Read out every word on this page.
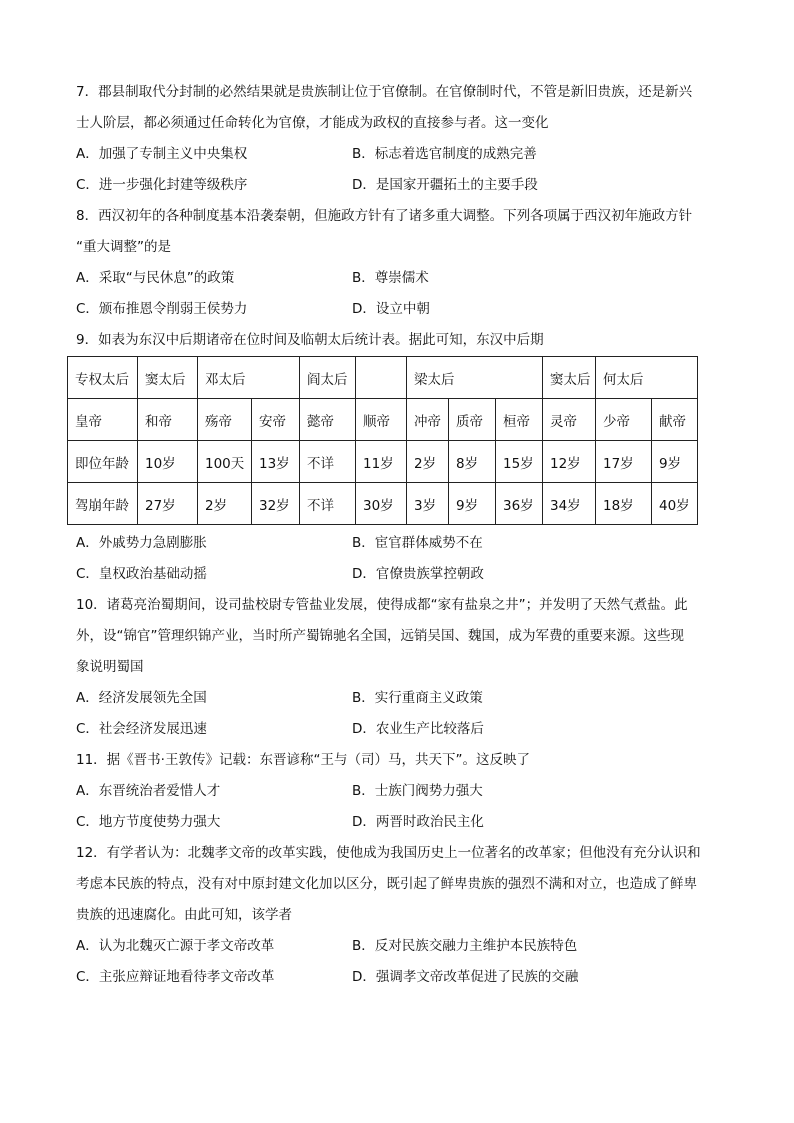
7．郡县制取代分封制的必然结果就是贵族制让位于官僚制。在官僚制时代，不管是新旧贵族，还是新兴
士人阶层，都必须通过任命转化为官僚，才能成为政权的直接参与者。这一变化
A．加强了专制主义中央集权	B．标志着选官制度的成熟完善
C．进一步强化封建等级秩序	D．是国家开疆拓土的主要手段
8．西汉初年的各种制度基本沿袭秦朝，但施政方针有了诸多重大调整。下列各项属于西汉初年施政方针
“重大调整”的是
A．采取“与民休息”的政策	B．尊崇儒术
C．颁布推恩令削弱王侯势力	D．设立中朝
9．如表为东汉中后期诸帝在位时间及临朝太后统计表。据此可知，东汉中后期
专权太后	窦太后	邓太后		阎太后		梁太后			窦太后	何太后	
皇帝	和帝	殇帝	安帝	懿帝	顺帝	冲帝	质帝	桓帝	灵帝	少帝	献帝
即位年龄	10岁	100天	13岁	不详	11岁	2岁	8岁	15岁	12岁	17岁	9岁
驾崩年龄	27岁	2岁	32岁	不详	30岁	3岁	9岁	36岁	34岁	18岁	40岁
A．外戚势力急剧膨胀	B．宦官群体威势不在
C．皇权政治基础动摇	D．官僚贵族掌控朝政
10．诸葛亮治蜀期间，设司盐校尉专管盐业发展，使得成都“家有盐泉之井”；并发明了天然气煮盐。此
外，设“锦官”管理织锦产业，当时所产蜀锦驰名全国，远销吴国、魏国，成为军费的重要来源。这些现
象说明蜀国
A．经济发展领先全国	B．实行重商主义政策
C．社会经济发展迅速	D．农业生产比较落后
11．据《晋书·王敦传》记载：东晋谚称“王与（司）马，共天下”。这反映了
A．东晋统治者爱惜人才	B．士族门阀势力强大
C．地方节度使势力强大	D．两晋时政治民主化
12．有学者认为：北魏孝文帝的改革实践，使他成为我国历史上一位著名的改革家；但他没有充分认识和
考虑本民族的特点，没有对中原封建文化加以区分，既引起了鲜卑贵族的强烈不满和对立，也造成了鲜卑
贵族的迅速腐化。由此可知，该学者
A．认为北魏灭亡源于孝文帝改革	B．反对民族交融力主维护本民族特色
C．主张应辩证地看待孝文帝改革	D．强调孝文帝改革促进了民族的交融
